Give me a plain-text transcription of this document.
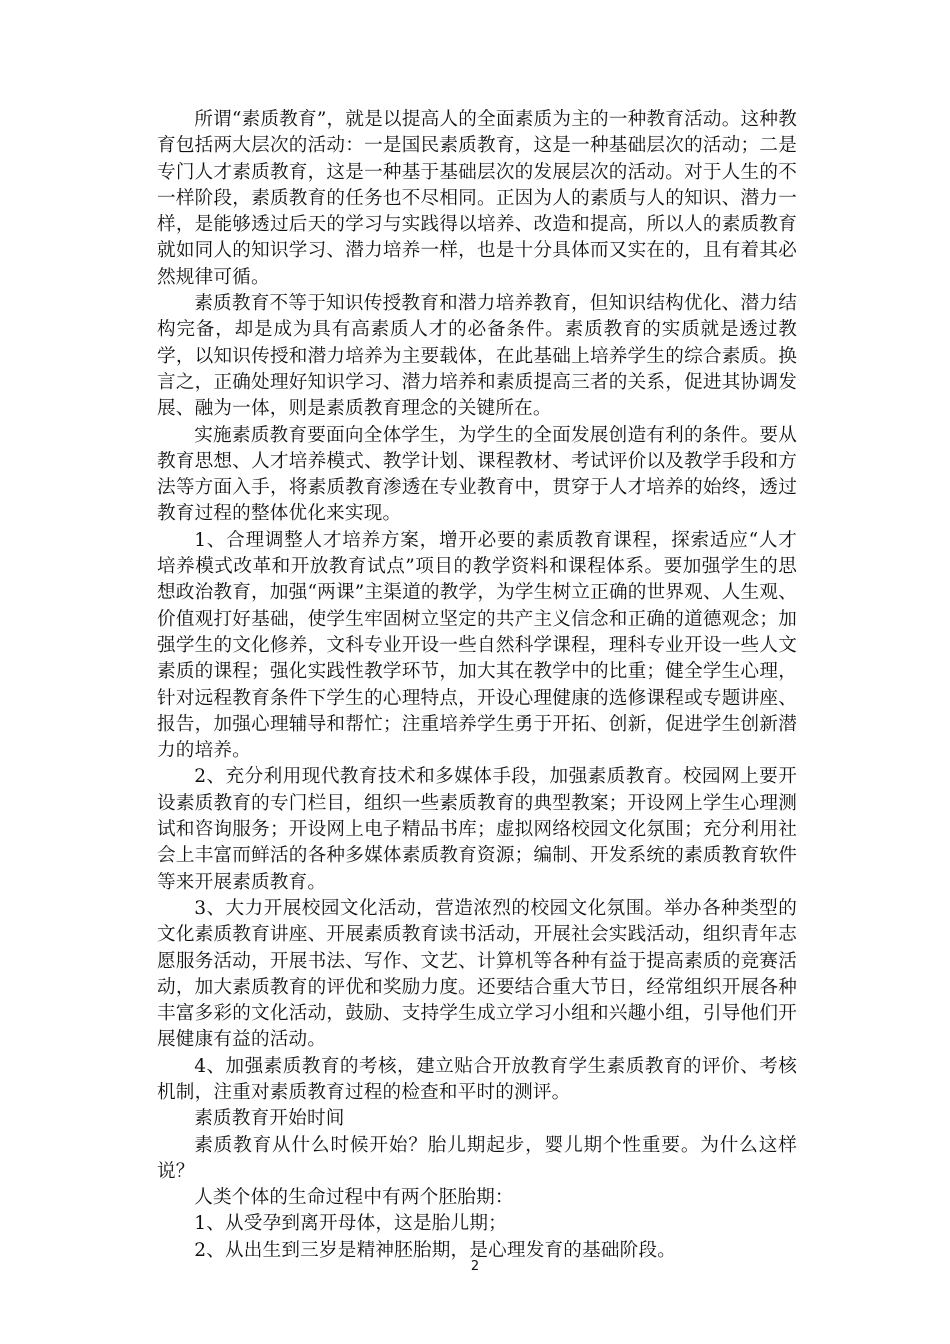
所谓“素质教育”，就是以提高人的全面素质为主的一种教育活动。这种教育包括两大层次的活动：一是国民素质教育，这是一种基础层次的活动；二是专门人才素质教育，这是一种基于基础层次的发展层次的活动。对于人生的不一样阶段，素质教育的任务也不尽相同。正因为人的素质与人的知识、潜力一样，是能够透过后天的学习与实践得以培养、改造和提高，所以人的素质教育就如同人的知识学习、潜力培养一样，也是十分具体而又实在的，且有着其必然规律可循。

素质教育不等于知识传授教育和潜力培养教育，但知识结构优化、潜力结构完备，却是成为具有高素质人才的必备条件。素质教育的实质就是透过教学，以知识传授和潜力培养为主要载体，在此基础上培养学生的综合素质。换言之，正确处理好知识学习、潜力培养和素质提高三者的关系，促进其协调发展、融为一体，则是素质教育理念的关键所在。

实施素质教育要面向全体学生，为学生的全面发展创造有利的条件。要从教育思想、人才培养模式、教学计划、课程教材、考试评价以及教学手段和方法等方面入手，将素质教育渗透在专业教育中，贯穿于人才培养的始终，透过教育过程的整体优化来实现。

1、合理调整人才培养方案，增开必要的素质教育课程，探索适应“人才培养模式改革和开放教育试点”项目的教学资料和课程体系。要加强学生的思想政治教育，加强“两课”主渠道的教学，为学生树立正确的世界观、人生观、价值观打好基础，使学生牢固树立坚定的共产主义信念和正确的道德观念；加强学生的文化修养，文科专业开设一些自然科学课程，理科专业开设一些人文素质的课程；强化实践性教学环节，加大其在教学中的比重；健全学生心理，针对远程教育条件下学生的心理特点，开设心理健康的选修课程或专题讲座、报告，加强心理辅导和帮忙；注重培养学生勇于开拓、创新，促进学生创新潜力的培养。

2、充分利用现代教育技术和多媒体手段，加强素质教育。校园网上要开设素质教育的专门栏目，组织一些素质教育的典型教案；开设网上学生心理测试和咨询服务；开设网上电子精品书库；虚拟网络校园文化氛围；充分利用社会上丰富而鲜活的各种多媒体素质教育资源；编制、开发系统的素质教育软件等来开展素质教育。

3、大力开展校园文化活动，营造浓烈的校园文化氛围。举办各种类型的文化素质教育讲座、开展素质教育读书活动，开展社会实践活动，组织青年志愿服务活动，开展书法、写作、文艺、计算机等各种有益于提高素质的竞赛活动，加大素质教育的评优和奖励力度。还要结合重大节日，经常组织开展各种丰富多彩的文化活动，鼓励、支持学生成立学习小组和兴趣小组，引导他们开展健康有益的活动。

4、加强素质教育的考核，建立贴合开放教育学生素质教育的评价、考核机制，注重对素质教育过程的检查和平时的测评。

素质教育开始时间

素质教育从什么时候开始？胎儿期起步，婴儿期个性重要。为什么这样说？

人类个体的生命过程中有两个胚胎期：

1、从受孕到离开母体，这是胎儿期；

2、从出生到三岁是精神胚胎期，是心理发育的基础阶段。

2
